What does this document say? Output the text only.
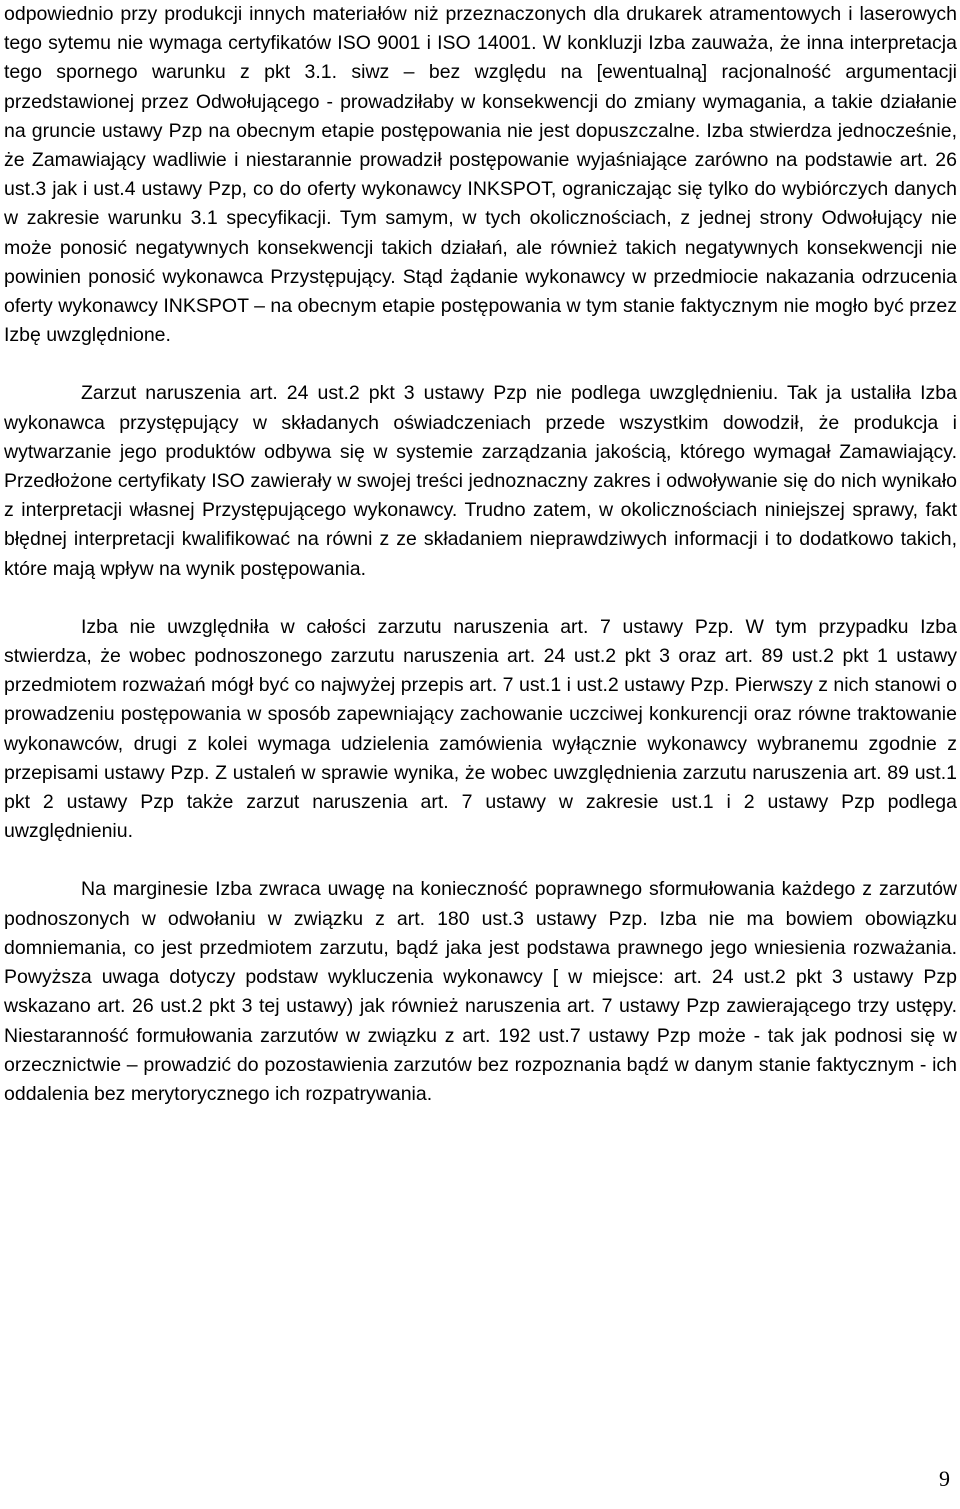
odpowiednio przy produkcji innych materiałów niż przeznaczonych dla drukarek atramentowych i laserowych tego sytemu nie wymaga certyfikatów ISO 9001 i ISO 14001. W konkluzji Izba zauważa, że inna interpretacja tego spornego warunku z pkt 3.1. siwz – bez względu na [ewentualną] racjonalność argumentacji przedstawionej przez Odwołującego - prowadziłaby w konsekwencji do zmiany wymagania, a takie działanie na gruncie ustawy Pzp na obecnym etapie postępowania nie jest dopuszczalne. Izba stwierdza jednocześnie, że Zamawiający wadliwie i niestarannie prowadził postępowanie wyjaśniające zarówno na podstawie art. 26 ust.3 jak i ust.4 ustawy Pzp, co do oferty wykonawcy INKSPOT, ograniczając się tylko do wybiórczych danych w zakresie warunku 3.1 specyfikacji. Tym samym, w tych okolicznościach, z jednej strony Odwołujący nie może ponosić negatywnych konsekwencji takich działań, ale również takich negatywnych konsekwencji nie powinien ponosić wykonawca Przystępujący. Stąd żądanie wykonawcy w przedmiocie nakazania odrzucenia oferty wykonawcy INKSPOT – na obecnym etapie postępowania w tym stanie faktycznym nie mogło być przez Izbę uwzględnione.

Zarzut naruszenia art. 24 ust.2 pkt 3 ustawy Pzp nie podlega uwzględnieniu. Tak ja ustaliła Izba wykonawca przystępujący w składanych oświadczeniach przede wszystkim dowodził, że produkcja i wytwarzanie jego produktów odbywa się w systemie zarządzania jakością, którego wymagał Zamawiający. Przedłożone certyfikaty ISO zawierały w swojej treści jednoznaczny zakres i odwoływanie się do nich wynikało z interpretacji własnej Przystępującego wykonawcy. Trudno zatem, w okolicznościach niniejszej sprawy, fakt błędnej interpretacji kwalifikować na równi z ze składaniem nieprawdziwych informacji i to dodatkowo takich, które mają wpływ na wynik postępowania.

Izba nie uwzględniła w całości zarzutu naruszenia art. 7 ustawy Pzp. W tym przypadku Izba stwierdza, że wobec podnoszonego zarzutu naruszenia art. 24 ust.2 pkt 3 oraz art. 89 ust.2 pkt 1 ustawy przedmiotem rozważań mógł być co najwyżej przepis art. 7 ust.1 i ust.2 ustawy Pzp. Pierwszy z nich stanowi o prowadzeniu postępowania w sposób zapewniający zachowanie uczciwej konkurencji oraz równe traktowanie wykonawców, drugi z kolei wymaga udzielenia zamówienia wyłącznie wykonawcy wybranemu zgodnie z przepisami ustawy Pzp. Z ustaleń w sprawie wynika, że wobec uwzględnienia zarzutu naruszenia art. 89 ust.1 pkt 2 ustawy Pzp także zarzut naruszenia art. 7 ustawy w zakresie ust.1 i 2 ustawy Pzp podlega uwzględnieniu.

Na marginesie Izba zwraca uwagę na konieczność poprawnego sformułowania każdego z zarzutów podnoszonych w odwołaniu w związku z art. 180 ust.3 ustawy Pzp. Izba nie ma bowiem obowiązku domniemania, co jest przedmiotem zarzutu, bądź jaka jest podstawa prawnego jego wniesienia rozważania. Powyższa uwaga dotyczy podstaw wykluczenia wykonawcy [ w miejsce: art. 24 ust.2 pkt 3 ustawy Pzp wskazano art. 26 ust.2 pkt 3 tej ustawy) jak również naruszenia art. 7 ustawy Pzp zawierającego trzy ustępy. Niestaranność formułowania zarzutów w związku z art. 192 ust.7 ustawy Pzp może - tak jak podnosi się w orzecznictwie – prowadzić do pozostawienia zarzutów bez rozpoznania bądź w danym stanie faktycznym - ich oddalenia bez merytorycznego ich rozpatrywania.

9
